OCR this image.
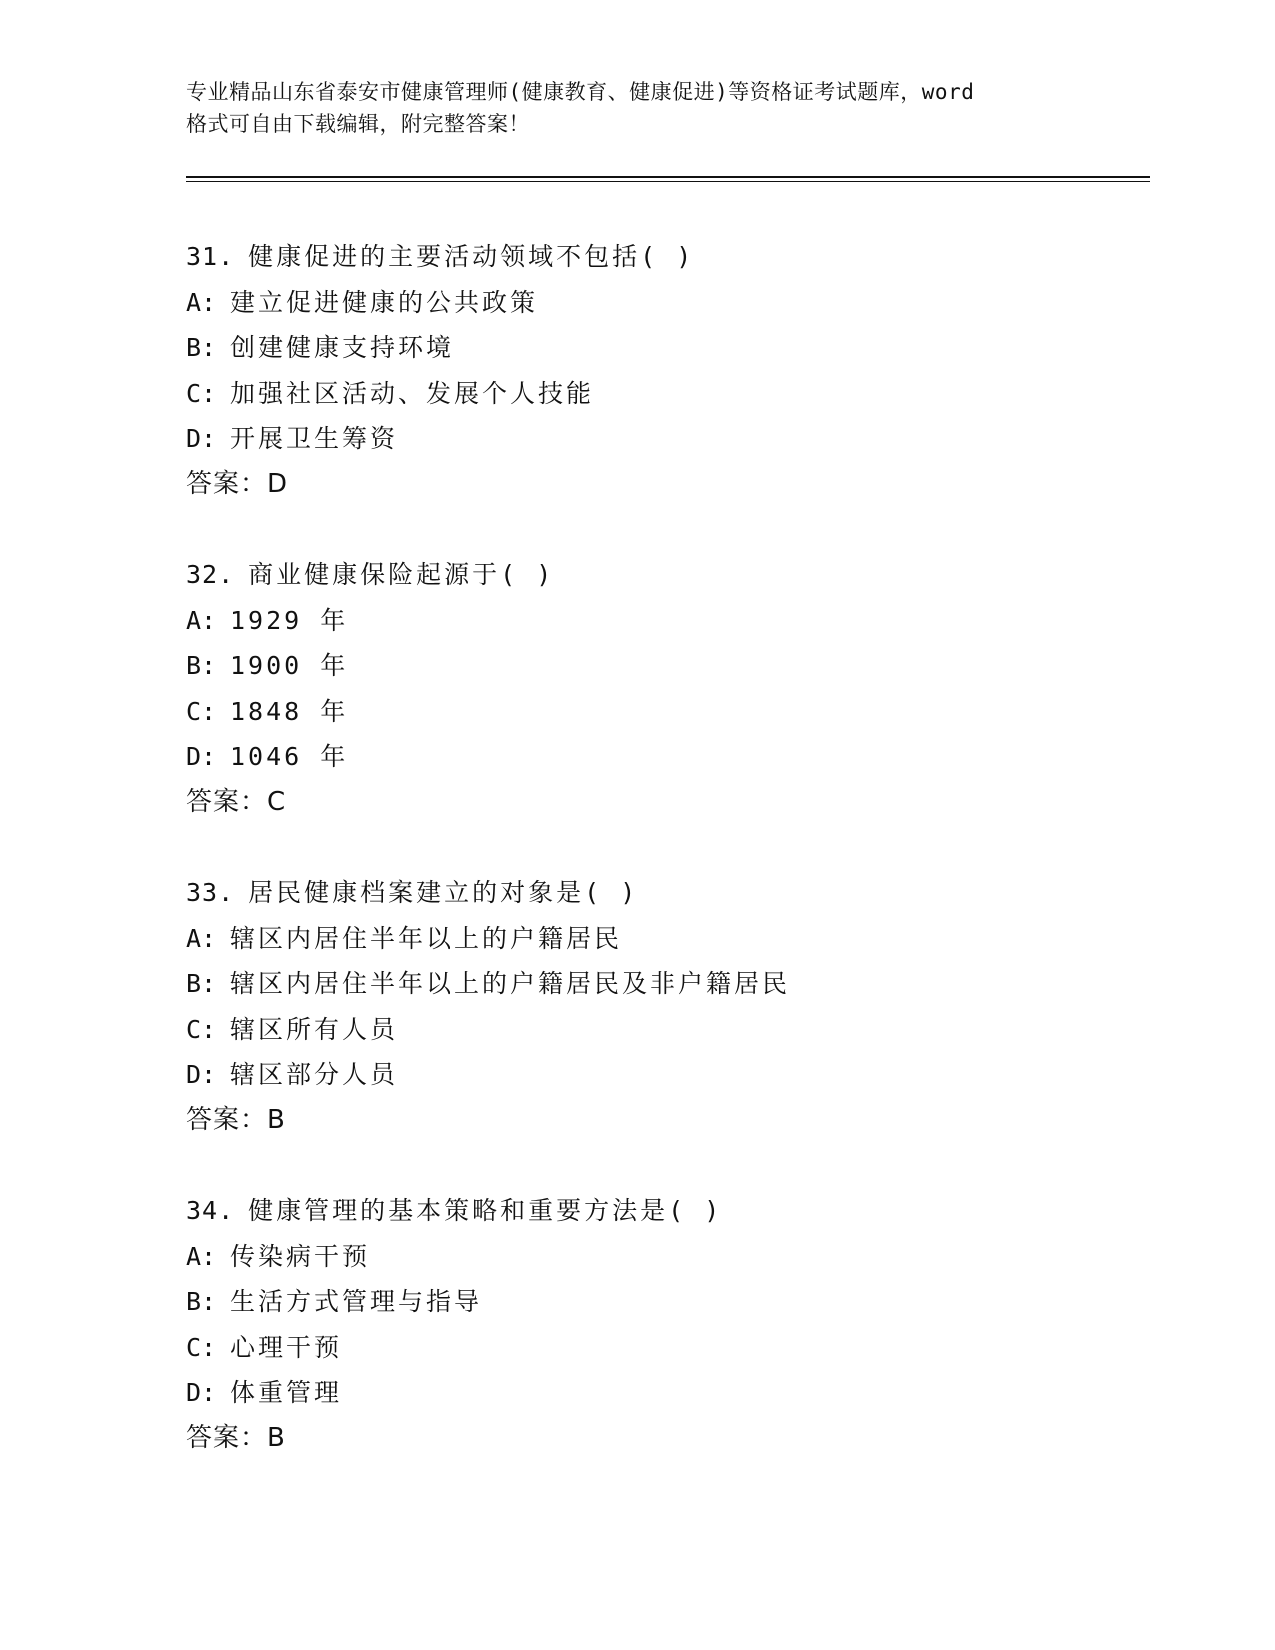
专业精品山东省泰安市健康管理师(健康教育、健康促进)等资格证考试题库，word
格式可自由下载编辑，附完整答案！
31. 健康促进的主要活动领域不包括( )
A: 建立促进健康的公共政策
B: 创建健康支持环境
C: 加强社区活动、发展个人技能
D: 开展卫生筹资
答案：D
32. 商业健康保险起源于( )
A: 1929 年
B: 1900 年
C: 1848 年
D: 1046 年
答案：C
33. 居民健康档案建立的对象是( )
A: 辖区内居住半年以上的户籍居民
B: 辖区内居住半年以上的户籍居民及非户籍居民
C: 辖区所有人员
D: 辖区部分人员
答案：B
34. 健康管理的基本策略和重要方法是( )
A: 传染病干预
B: 生活方式管理与指导
C: 心理干预
D: 体重管理
答案：B
